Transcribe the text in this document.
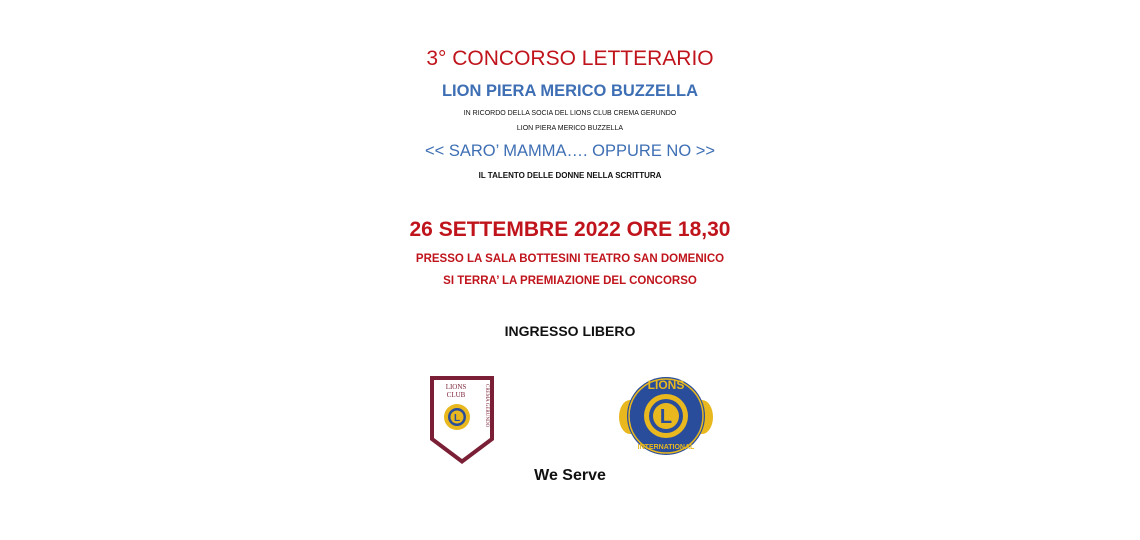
3° CONCORSO LETTERARIO

LION PIERA MERICO BUZZELLA

IN RICORDO DELLA SOCIA DEL LIONS CLUB CREMA GERUNDO

LION PIERA MERICO BUZZELLA

<< SARO’ MAMMA…. OPPURE NO >>

IL TALENTO DELLE DONNE NELLA SCRITTURA

26 SETTEMBRE 2022 ORE 18,30

PRESSO LA SALA BOTTESINI TEATRO SAN DOMENICO

SI TERRA’ LA PREMIAZIONE DEL CONCORSO

INGRESSO LIBERO

LIONS
CLUB	CREMA GERUNDO
L	L
LIONS
INTERNATIONAL

We Serve
